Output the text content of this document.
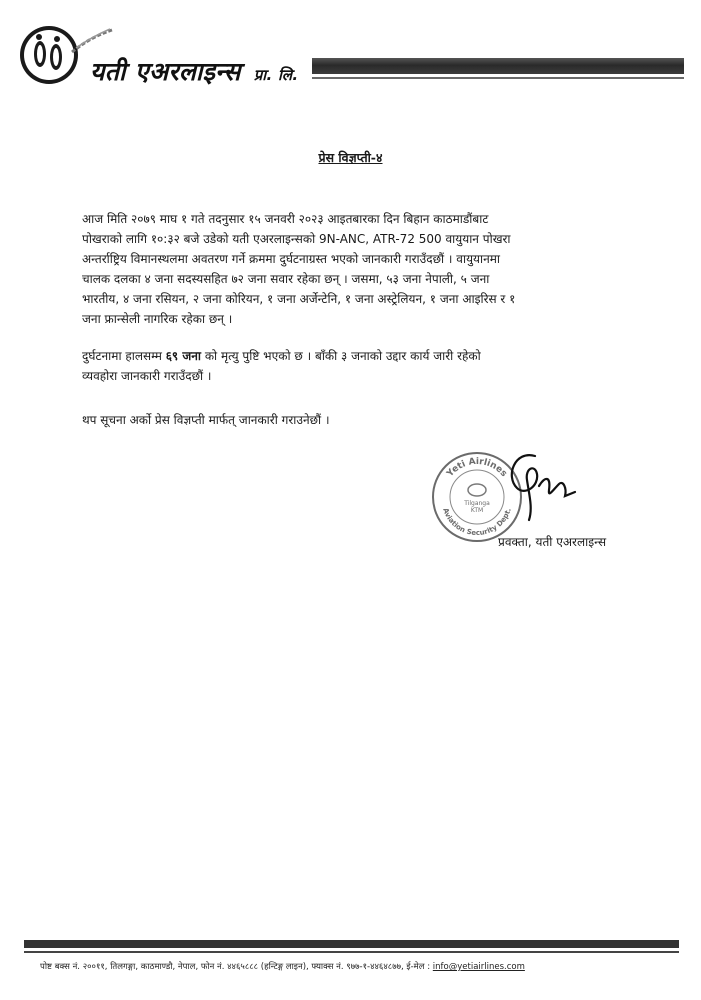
यती एअरलाइन्स प्रा. लि.
प्रेस विज्ञप्ती-४
आज मिति २०७९ माघ १ गते तदनुसार १५ जनवरी २०२३ आइतबारका दिन बिहान काठमाडौंबाट
पोखराको लागि १०:३२ बजे उडेको यती एअरलाइन्सको 9N-ANC, ATR-72 500 वायुयान पोखरा
अन्तर्राष्ट्रिय विमानस्थलमा अवतरण गर्ने क्रममा दुर्घटनाग्रस्त भएको जानकारी गराउँदछौं । वायुयानमा
चालक दलका ४ जना सदस्यसहित ७२ जना सवार रहेका छन् । जसमा, ५३ जना नेपाली, ५ जना
भारतीय, ४ जना रसियन, २ जना कोरियन, १ जना अर्जेन्टेनि, १ जना अस्ट्रेलियन, १ जना आइरिस र १
जना फ्रान्सेली नागरिक रहेका छन् ।
दुर्घटनामा हालसम्म ६९ जना को मृत्यु पुष्टि भएको छ । बाँकी ३ जनाको उद्दार कार्य जारी रहेको
व्यवहोरा जानकारी गराउँदछौं ।
थप सूचना अर्को प्रेस विज्ञप्ती मार्फत् जानकारी गराउनेछौं ।
Yeti Airlines
Aviation Security Dept.
Tilganga
KTM
प्रवक्ता, यती एअरलाइन्स
पोष्ट बक्स नं. २००११, तिलगङ्गा, काठमाण्डौ, नेपाल, फोन नं. ४४६५८८८ (हन्टिङ्ग लाइन), फ्याक्स नं. ९७७-१-४४६४८७७, ई-मेल : info@yetiairlines.com
